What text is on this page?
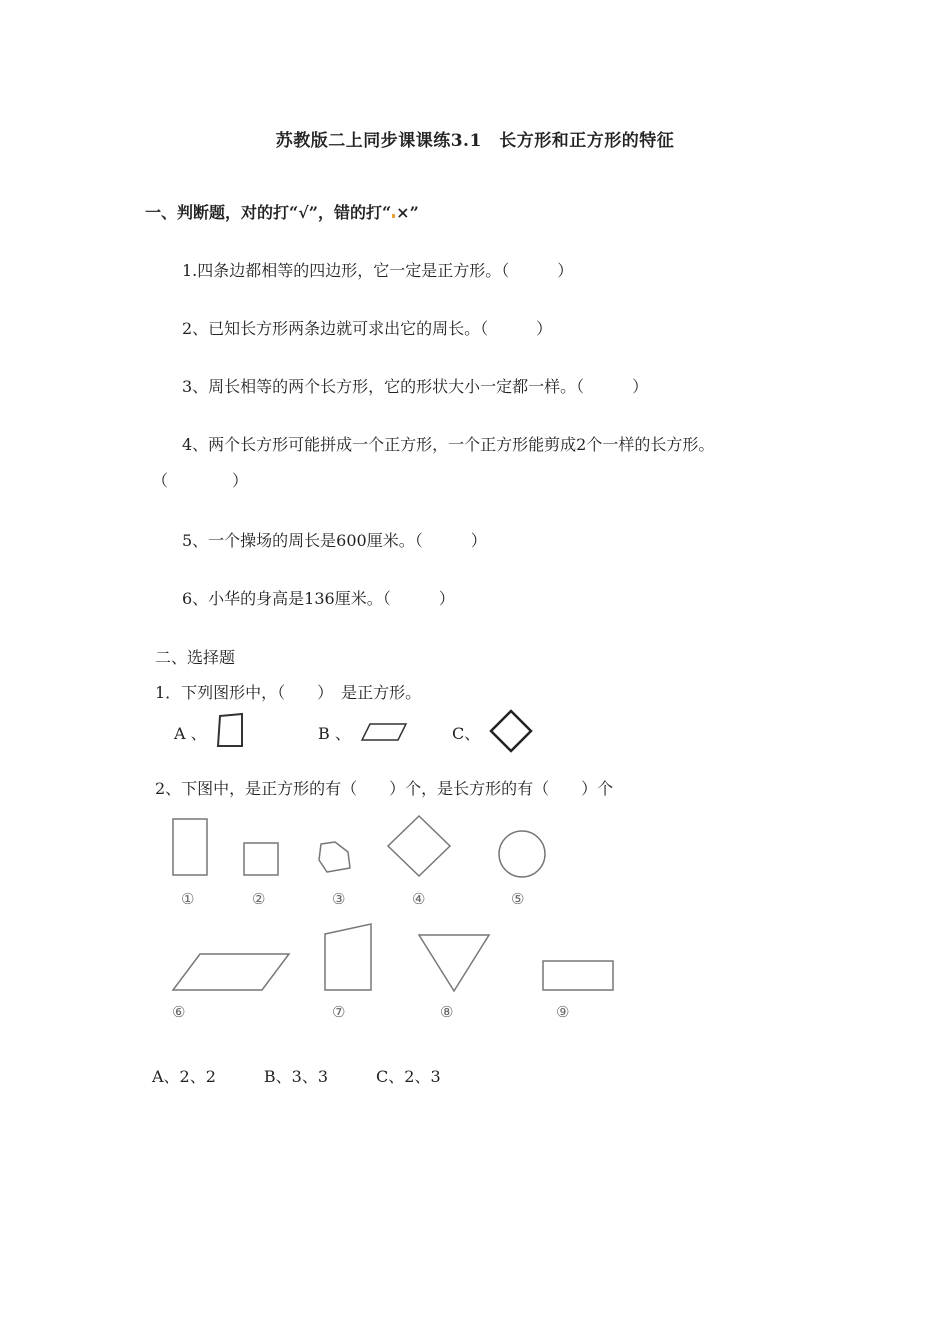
苏教版二上同步课课练3.1　长方形和正方形的特征
一、判断题，对的打“√”，错的打“ ×”
1.四条边都相等的四边形，它一定是正方形。（　　　）
2、已知长方形两条边就可求出它的周长。（　　　）
3、周长相等的两个长方形，它的形状大小一定都一样。（　　　）
4、两个长方形可能拼成一个正方形，一个正方形能剪成2个一样的长方形。
（　　　　）
5、一个操场的周长是600厘米。（　　　）
6、小华的身高是136厘米。（　　　）
二、选择题
1．下列图形中，（　　）　是正方形。
A 、	B 、	C、
2、下图中，是正方形的有（　　）个，是长方形的有（　　）个
①	②	③	④	⑤
⑥	⑦	⑧	⑨
A、2、2　　　B、3、3　　　C、2、3
